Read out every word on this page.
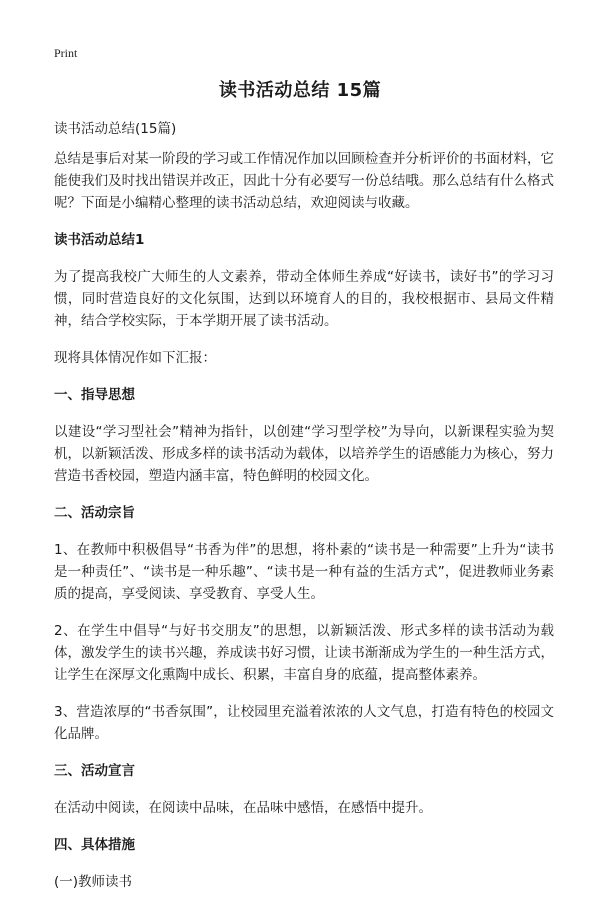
Print
读书活动总结 15篇

读书活动总结(15篇)

总结是事后对某一阶段的学习或工作情况作加以回顾检查并分析评价的书面材料，它能使我们及时找出错误并改正，因此十分有必要写一份总结哦。那么总结有什么格式呢？下面是小编精心整理的读书活动总结，欢迎阅读与收藏。

读书活动总结1

为了提高我校广大师生的人文素养，带动全体师生养成“好读书，读好书”的学习习惯，同时营造良好的文化氛围，达到以环境育人的目的，我校根据市、县局文件精神，结合学校实际，于本学期开展了读书活动。

现将具体情况作如下汇报：

一、指导思想

以建设“学习型社会”精神为指针，以创建“学习型学校”为导向，以新课程实验为契机，以新颖活泼、形成多样的读书活动为载体，以培养学生的语感能力为核心，努力营造书香校园，塑造内涵丰富，特色鲜明的校园文化。

二、活动宗旨

1、在教师中积极倡导“书香为伴”的思想，将朴素的“读书是一种需要”上升为“读书是一种责任”、“读书是一种乐趣”、“读书是一种有益的生活方式”，促进教师业务素质的提高，享受阅读、享受教育、享受人生。

2、在学生中倡导“与好书交朋友”的思想，以新颖活泼、形式多样的读书活动为载体，激发学生的读书兴趣，养成读书好习惯，让读书渐渐成为学生的一种生活方式，让学生在深厚文化熏陶中成长、积累，丰富自身的底蕴，提高整体素养。

3、营造浓厚的“书香氛围”，让校园里充溢着浓浓的人文气息，打造有特色的校园文化品牌。

三、活动宣言

在活动中阅读，在阅读中品味，在品味中感悟，在感悟中提升。

四、具体措施

(一)教师读书
